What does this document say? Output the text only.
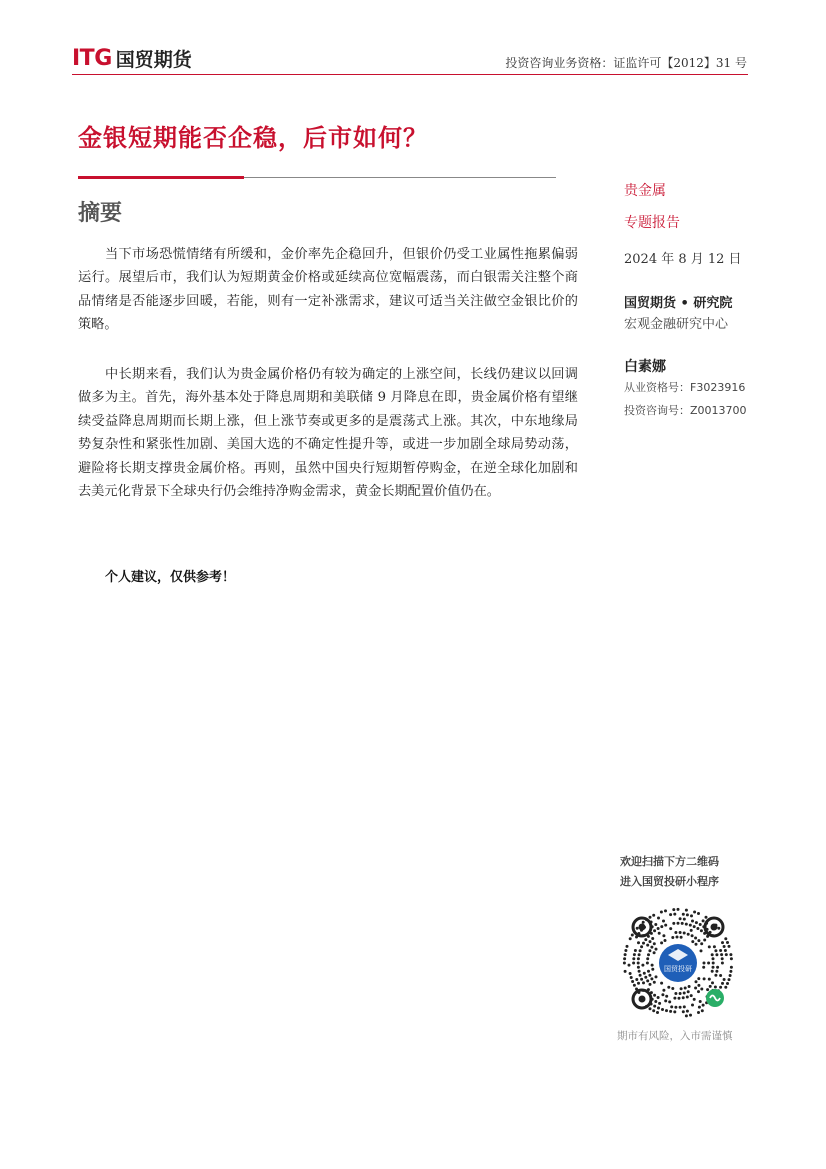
ITG 国贸期货	投资咨询业务资格：证监许可【2012】31 号
金银短期能否企稳，后市如何？
摘要

当下市场恐慌情绪有所缓和，金价率先企稳回升，但银价仍受工业属性拖累偏弱运行。展望后市，我们认为短期黄金价格或延续高位宽幅震荡，而白银需关注整个商品情绪是否能逐步回暖，若能，则有一定补涨需求，建议可适当关注做空金银比价的策略。

中长期来看，我们认为贵金属价格仍有较为确定的上涨空间，长线仍建议以回调做多为主。首先，海外基本处于降息周期和美联储 9 月降息在即，贵金属价格有望继续受益降息周期而长期上涨，但上涨节奏或更多的是震荡式上涨。其次，中东地缘局势复杂性和紧张性加剧、美国大选的不确定性提升等，或进一步加剧全球局势动荡，避险将长期支撑贵金属价格。再则，虽然中国央行短期暂停购金，在逆全球化加剧和去美元化背景下全球央行仍会维持净购金需求，黄金长期配置价值仍在。

个人建议，仅供参考！
贵金属
专题报告
2024 年 8 月 12 日
国贸期货 • 研究院
宏观金融研究中心
白素娜
从业资格号：F3023916
投资咨询号：Z0013700
欢迎扫描下方二维码
进入国贸投研小程序
国贸投研
期市有风险，入市需谨慎
